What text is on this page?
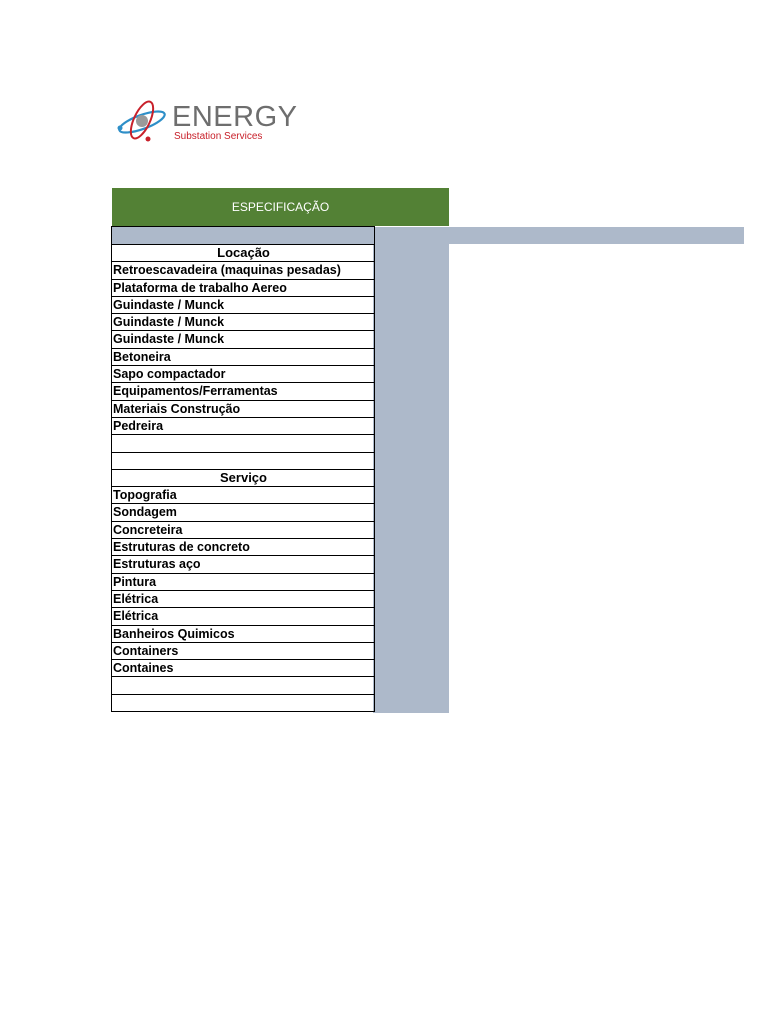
ENERGY
Substation Services
ESPECIFICAÇÃO
Locação
Retroescavadeira (maquinas pesadas)
Plataforma de trabalho Aereo
Guindaste / Munck
Guindaste / Munck
Guindaste / Munck
Betoneira
Sapo compactador
Equipamentos/Ferramentas
Materiais Construção
Pedreira
Serviço
Topografia
Sondagem
Concreteira
Estruturas de concreto
Estruturas aço
Pintura
Elétrica
Elétrica
Banheiros Quimicos
Containers
Containes
